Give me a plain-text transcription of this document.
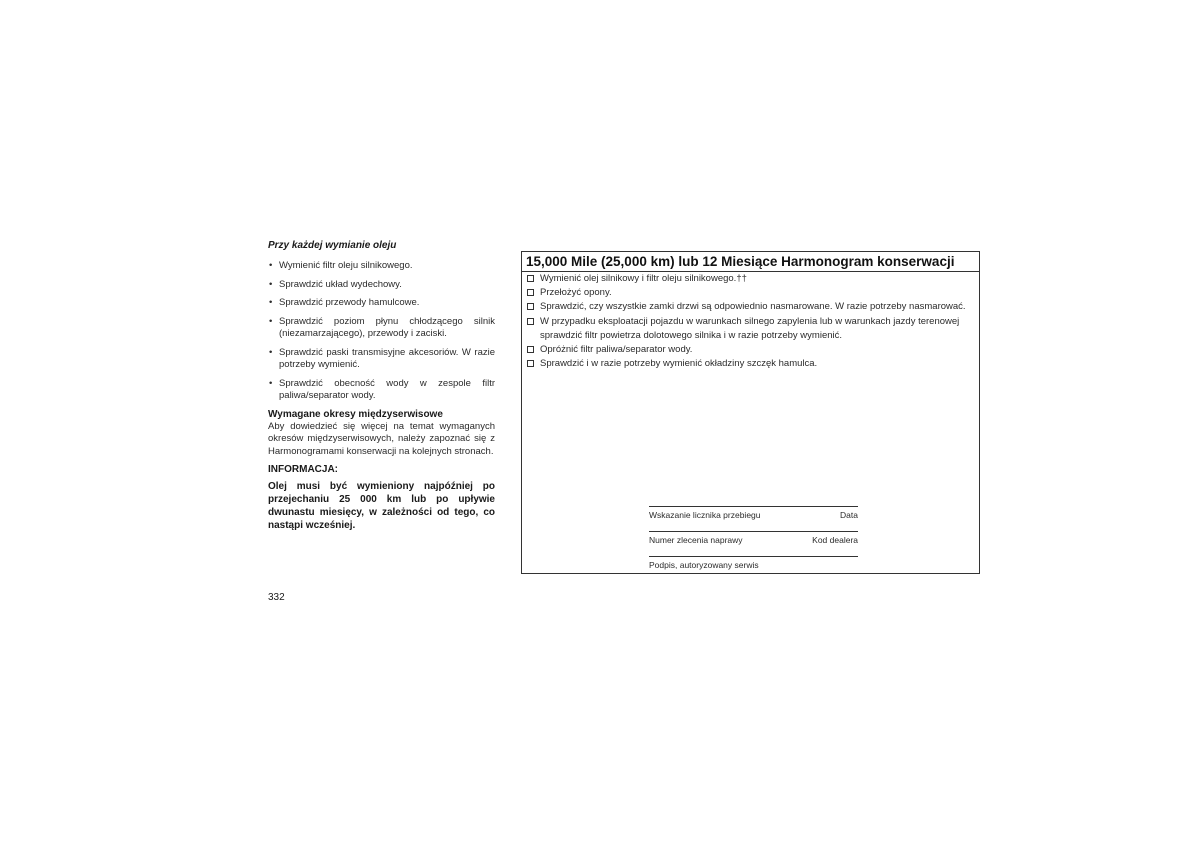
Przy każdej wymianie oleju

• Wymienić filtr oleju silnikowego.
• Sprawdzić układ wydechowy.
• Sprawdzić przewody hamulcowe.
• Sprawdzić poziom płynu chłodzącego silnik (niezamarzającego), przewody i zaciski.
• Sprawdzić paski transmisyjne akcesoriów. W razie potrzeby wymienić.
• Sprawdzić obecność wody w zespole filtr paliwa/separator wody.

Wymagane okresy międzyserwisowe

Aby dowiedzieć się więcej na temat wymaganych okresów międzyserwisowych, należy zapoznać się z Harmonogramami konserwacji na kolejnych stronach.

INFORMACJA:

Olej musi być wymieniony najpóźniej po przejechaniu 25 000 km lub po upływie dwunastu miesięcy, w zależności od tego, co nastąpi wcześniej.

332
15,000 Mile (25,000 km) lub 12 Miesiące Harmonogram konserwacji
Wymienić olej silnikowy i filtr oleju silnikowego.††
Przełożyć opony.
Sprawdzić, czy wszystkie zamki drzwi są odpowiednio nasmarowane. W razie potrzeby nasmarować.
W przypadku eksploatacji pojazdu w warunkach silnego zapylenia lub w warunkach jazdy terenowej sprawdzić filtr powietrza dolotowego silnika i w razie potrzeby wymienić.
Opróżnić filtr paliwa/separator wody.
Sprawdzić i w razie potrzeby wymienić okładziny szczęk hamulca.
Wskazanie licznika przebiegu	Data
Numer zlecenia naprawy	Kod dealera
Podpis, autoryzowany serwis
